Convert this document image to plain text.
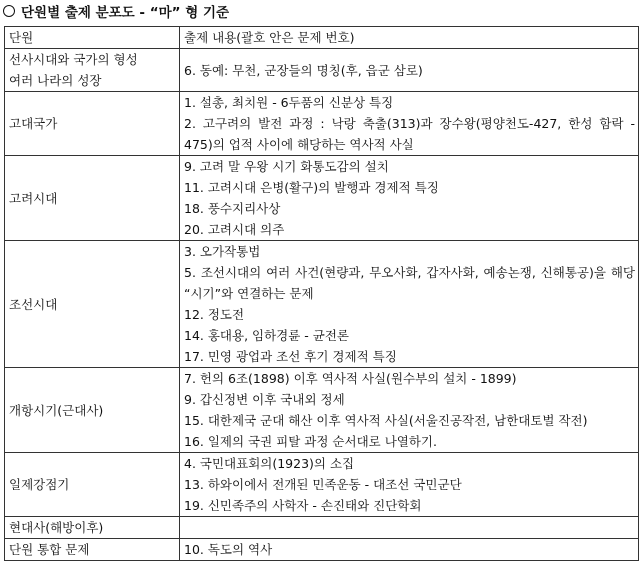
단원별 출제 분포도 - “마” 형 기준
단원	출제 내용(괄호 안은 문제 번호)

선사시대와 국가의 형성
여러 나라의 성장	6. 동예: 무천, 군장들의 명칭(후, 읍군 삼로)

고대국가	1. 설총, 최치원 - 6두품의 신분상 특징
2. 고구려의 발전 과정 : 낙랑 축출(313)과 장수왕(평양천도-427, 한성 함락 - 475)의 업적 사이에 해당하는 역사적 사실

고려시대	9. 고려 말 우왕 시기 화통도감의 설치
11. 고려시대 은병(활구)의 발행과 경제적 특징
18. 풍수지리사상
20. 고려시대 의주

조선시대	3. 오가작통법
5. 조선시대의 여러 사건(현량과, 무오사화, 갑자사화, 예송논쟁, 신해통공)을 해당 “시기”와 연결하는 문제
12. 정도전
14. 홍대용, 임하경륜 - 균전론
17. 민영 광업과 조선 후기 경제적 특징

개항시기(근대사)	7. 헌의 6조(1898) 이후 역사적 사실(원수부의 설치 - 1899)
9. 갑신정변 이후 국내외 정세
15. 대한제국 군대 해산 이후 역사적 사실(서울진공작전, 남한대토벌 작전)
16. 일제의 국권 피탈 과정 순서대로 나열하기.

일제강점기	4. 국민대표회의(1923)의 소집
13. 하와이에서 전개된 민족운동 - 대조선 국민군단
19. 신민족주의 사학자 - 손진태와 진단학회

현대사(해방이후)	

단원 통합 문제	10. 독도의 역사
